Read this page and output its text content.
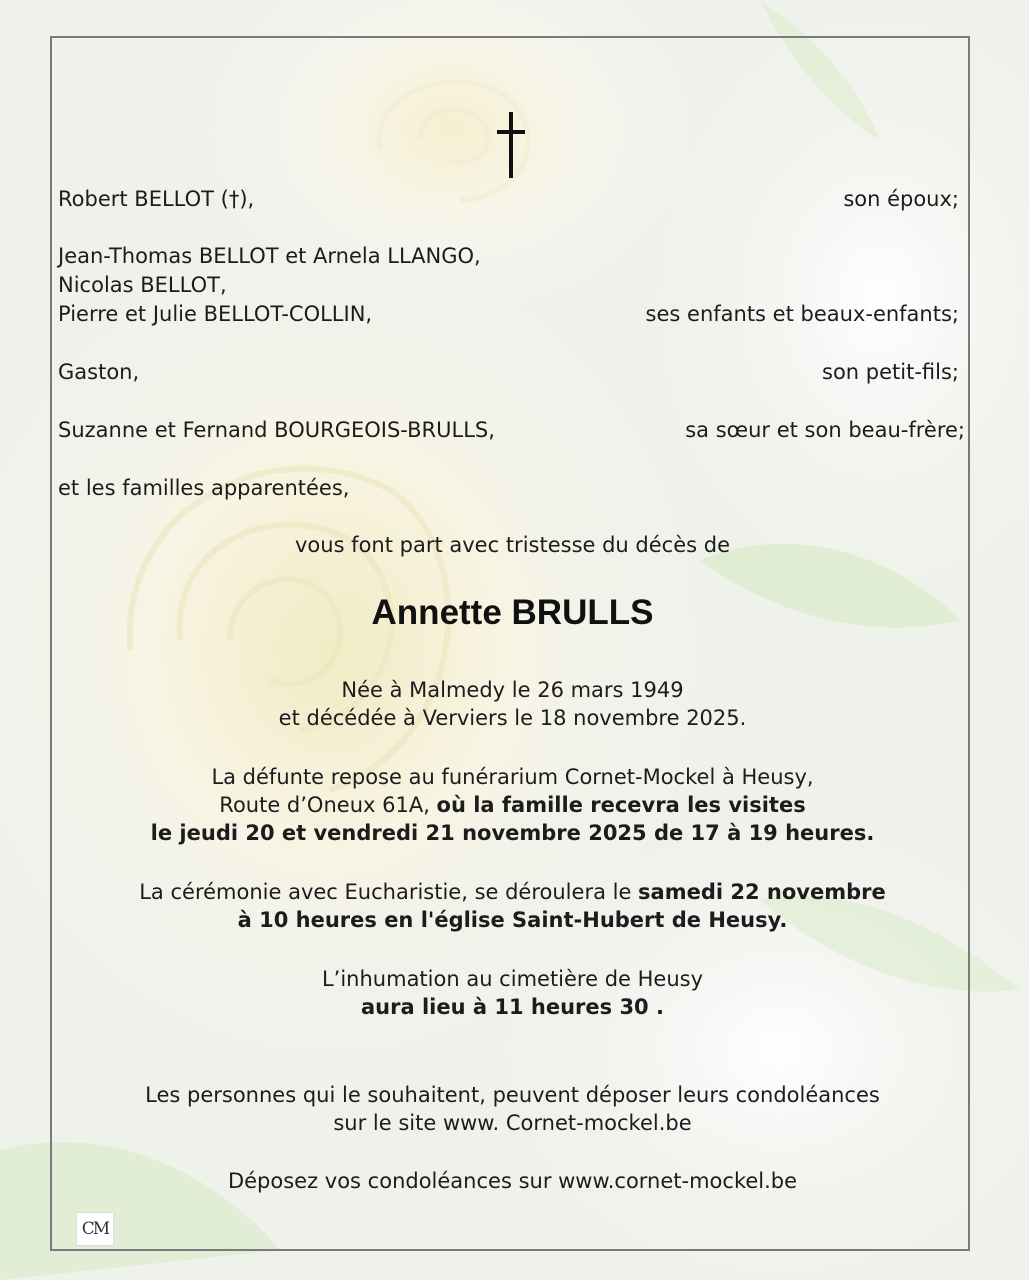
Robert BELLOT (†),	son époux;
Jean-Thomas BELLOT et Arnela LLANGO,
Nicolas BELLOT,
Pierre et Julie BELLOT-COLLIN,	ses enfants et beaux-enfants;
Gaston,	son petit-fils;
Suzanne et Fernand BOURGEOIS-BRULLS,	sa sœur et son beau-frère;
et les familles apparentées,
vous font part avec tristesse du décès de
Annette BRULLS
Née à Malmedy le 26 mars 1949
et décédée à Verviers le 18 novembre 2025.
La défunte repose au funérarium Cornet-Mockel à Heusy,
Route d’Oneux 61A, où la famille recevra les visites
le jeudi 20 et vendredi 21 novembre 2025 de 17 à 19 heures.
La cérémonie avec Eucharistie, se déroulera le samedi 22 novembre
à 10 heures en l'église Saint-Hubert de Heusy.
L’inhumation au cimetière de Heusy
aura lieu à 11 heures 30 .
Les personnes qui le souhaitent, peuvent déposer leurs condoléances
sur le site www. Cornet-mockel.be
Déposez vos condoléances sur www.cornet-mockel.be
CM
